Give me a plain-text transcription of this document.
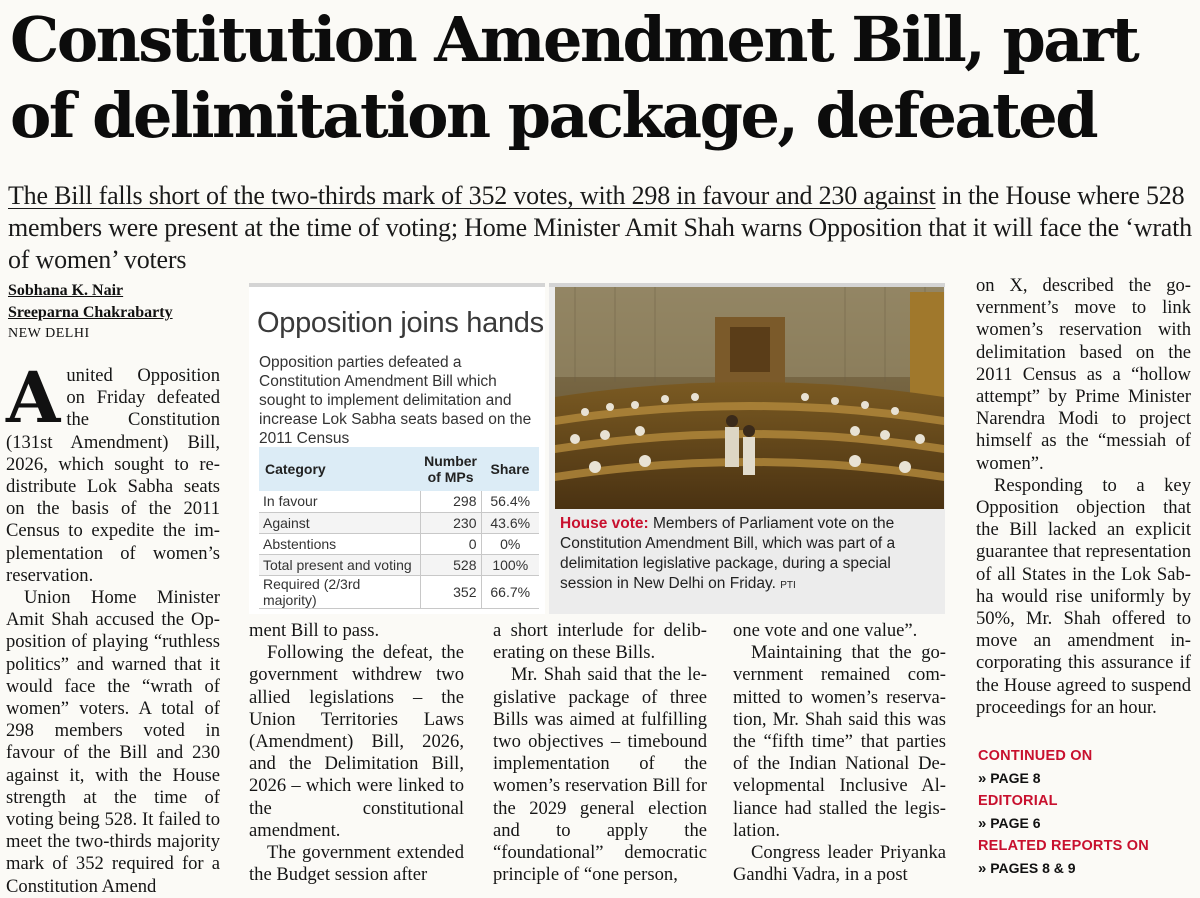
Constitution Amendment Bill, part of delimitation package, defeated
The Bill falls short of the two-thirds mark of 352 votes, with 298 in favour and 230 against in the House where 528 members were present at the time of voting; Home Minister Amit Shah warns Opposition that it will face the ‘wrath of women’ voters
Sobhana K. Nair
Sreeparna Chakrabarty
NEW DELHI

Aunited Opposition on Friday defeated the Constitution (131st Amendment) Bill, 2026, which sought to redistribute Lok Sabha seats on the basis of the 2011 Census to expedite the implementation of women’s reservation.

Union Home Minister Amit Shah accused the Opposition of playing “ruthless politics” and warned that it would face the “wrath of women” voters. A total of 298 members voted in favour of the Bill and 230 against it, with the House strength at the time of voting being 528. It failed to meet the two-thirds majority mark of 352 required for a Constitution Amend

Opposition joins hands
Opposition parties defeated a Constitution Amendment Bill which sought to implement delimitation and increase Lok Sabha seats based on the 2011 Census
Category	Number of MPs	Share
In favour	298	56.4%
Against	230	43.6%
Abstentions	0	0%
Total present and voting	528	100%
Required (2/3rd majority)	352	66.7%
House vote: Members of Parliament vote on the Constitution Amendment Bill, which was part of a delimitation legislative package, during a special session in New Delhi on Friday. PTI

ment Bill to pass.

Following the defeat, the government withdrew two allied legislations – the Union Territories Laws (Amendment) Bill, 2026, and the Delimitation Bill, 2026 – which were linked to the constitutional amendment.

The government extended the Budget session after

a short interlude for deliberating on these Bills.

Mr. Shah said that the legislative package of three Bills was aimed at fulfilling two objectives – timebound implementation of the women’s reservation Bill for the 2029 general election and to apply the “foundational” democratic principle of “one person,

one vote and one value”.

Maintaining that the government remained committed to women’s reservation, Mr. Shah said this was the “fifth time” that parties of the Indian National Developmental Inclusive Alliance had stalled the legislation.

Congress leader Priyanka Gandhi Vadra, in a post

on X, described the government’s move to link women’s reservation with delimitation based on the 2011 Census as a “hollow attempt” by Prime Minister Narendra Modi to project himself as the “messiah of women”.

Responding to a key Opposition objection that the Bill lacked an explicit guarantee that representation of all States in the Lok Sabha would rise uniformly by 50%, Mr. Shah offered to move an amendment incorporating this assurance if the House agreed to suspend proceedings for an hour.

CONTINUED ON
» PAGE 8
EDITORIAL
» PAGE 6
RELATED REPORTS ON
» PAGES 8 & 9
